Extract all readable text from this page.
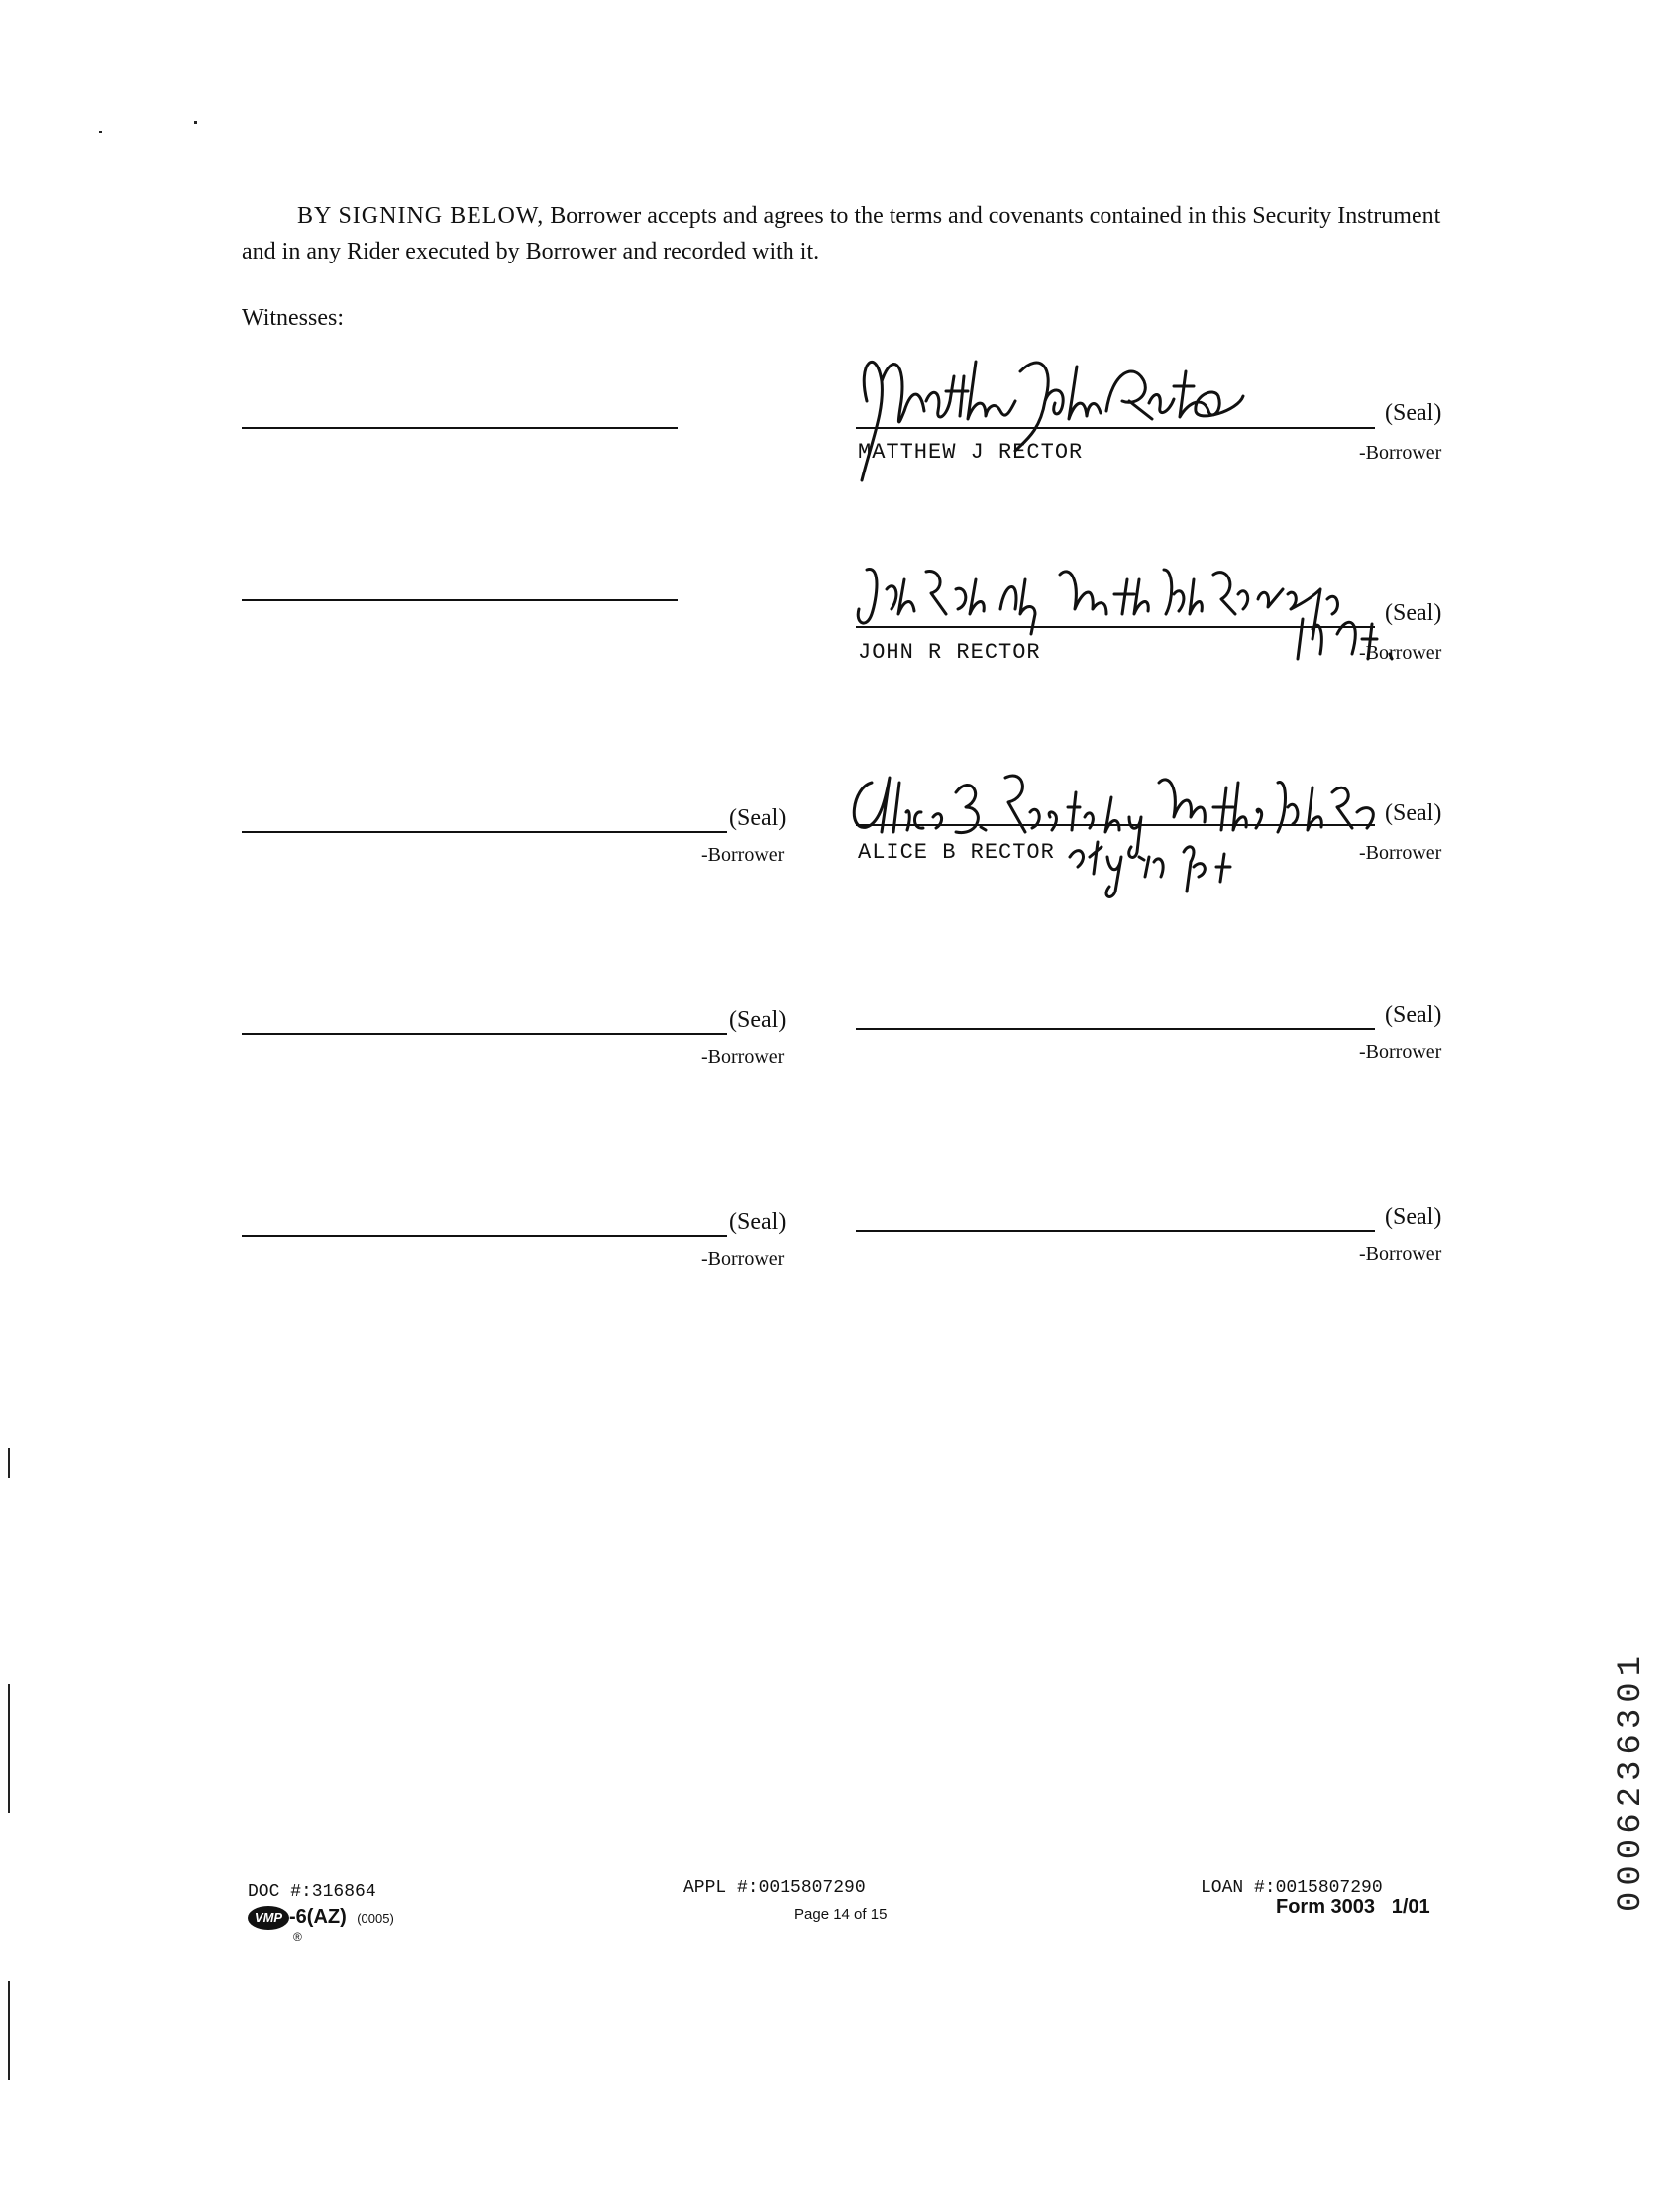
BY SIGNING BELOW, Borrower accepts and agrees to the terms and covenants contained in this Security Instrument and in any Rider executed by Borrower and recorded with it.
Witnesses:
(Seal)
MATTHEW J RECTOR	-Borrower
(Seal)
JOHN R RECTOR	-Borrower
(Seal)
-Borrower
(Seal)
ALICE B RECTOR	-Borrower
(Seal)
-Borrower
(Seal)
-Borrower
(Seal)
-Borrower
(Seal)
-Borrower
DOC #:316864
VMP
®
-6(AZ) (0005)
APPL #:0015807290
Page 14 of 15
LOAN #:0015807290
Form 3003   1/01	0006236301
